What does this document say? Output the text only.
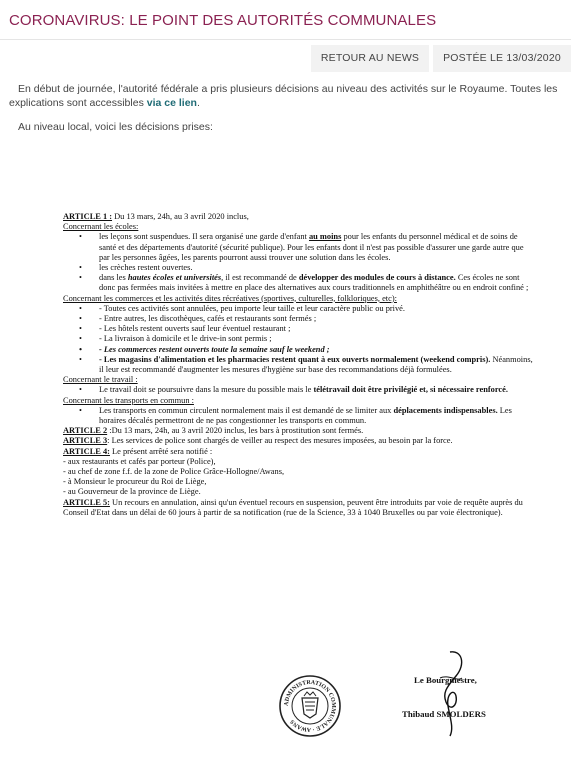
CORONAVIRUS: LE POINT DES AUTORITÉS COMMUNALES
RETOUR AU NEWS	POSTÉE LE 13/03/2020
En début de journée, l'autorité fédérale a pris plusieurs décisions au niveau des activités sur le Royaume. Toutes les
explications sont accessibles via ce lien.
Au niveau local, voici les décisions prises:

ARTICLE 1 : Du 13 mars, 24h, au 3 avril 2020 inclus,

Concernant les écoles:

• les leçons sont suspendues. Il sera organisé une garde d'enfant au moins pour les enfants du personnel médical et de soins de santé et des départements d'autorité (sécurité publique). Pour les enfants dont il n'est pas possible d'assurer une garde autre que par les personnes âgées, les parents pourront aussi trouver une solution dans les écoles.
• les crèches restent ouvertes.
• dans les hautes écoles et universités, il est recommandé de développer des modules de cours à distance. Ces écoles ne sont donc pas fermées mais invitées à mettre en place des alternatives aux cours traditionnels en amphithéâtre ou en endroit confiné ;

Concernant les commerces et les activités dites récréatives (sportives, culturelles, folkloriques, etc):

• - Toutes ces activités sont annulées, peu importe leur taille et leur caractère public ou privé.
• - Entre autres, les discothèques, cafés et restaurants sont fermés ;
• - Les hôtels restent ouverts sauf leur éventuel restaurant ;
• - La livraison à domicile et le drive-in sont permis ;
• - Les commerces restent ouverts toute la semaine sauf le weekend ;
• - Les magasins d'alimentation et les pharmacies restent quant à eux ouverts normalement (weekend compris). Néanmoins, il leur est recommandé d'augmenter les mesures d'hygiène sur base des recommandations déjà formulées.

Concernant le travail :

• Le travail doit se poursuivre dans la mesure du possible mais le télétravail doit être privilégié et, si nécessaire renforcé.

Concernant les transports en commun :

• Les transports en commun circulent normalement mais il est demandé de se limiter aux déplacements indispensables. Les horaires décalés permettront de ne pas congestionner les transports en commun.

ARTICLE 2 :Du 13 mars, 24h, au 3 avril 2020 inclus, les bars à prostitution sont fermés.

ARTICLE 3: Les services de police sont chargés de veiller au respect des mesures imposées, au besoin par la force.

ARTICLE 4: Le présent arrêté sera notifié :

- aux restaurants et cafés par porteur (Police),

- au chef de zone f.f. de la zone de Police Grâce-Hollogne/Awans,

- à Monsieur le procureur du Roi de Liège,

- au Gouverneur de la province de Liège.

ARTICLE 5: Un recours en annulation, ainsi qu'un éventuel recours en suspension, peuvent être introduits par voie de requête auprès du Conseil d'Etat dans un délai de 60 jours à partir de sa notification (rue de la Science, 33 à 1040 Bruxelles ou par voie électronique).

ADMINISTRATION COMMUNALE · AWANS
Le Bourgmestre,
Thibaud SMOLDERS
